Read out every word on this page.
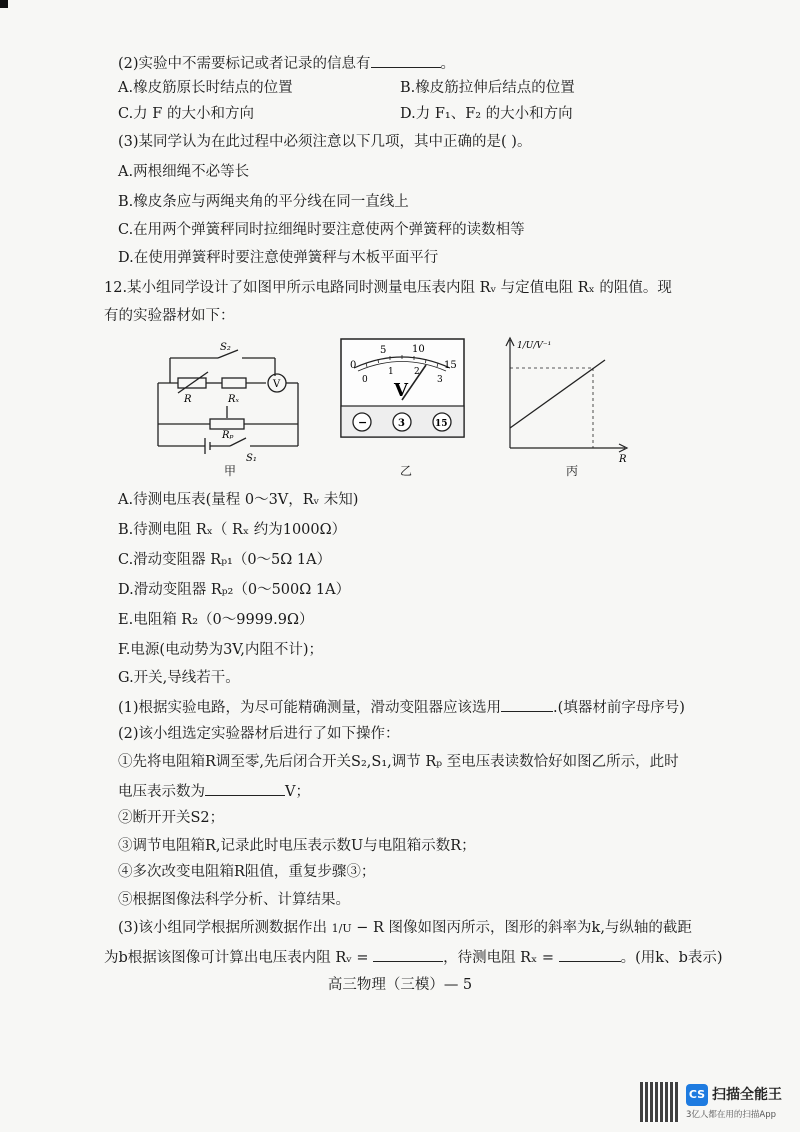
(2)实验中不需要标记或者记录的信息有	。
A.橡皮筋原长时结点的位置	B.橡皮筋拉伸后结点的位置
C.力 F 的大小和方向	D.力 F₁、F₂ 的大小和方向
(3)某同学认为在此过程中必须注意以下几项，其中正确的是( )。
A.两根细绳不必等长
B.橡皮条应与两绳夹角的平分线在同一直线上
C.在用两个弹簧秤同时拉细绳时要注意使两个弹簧秤的读数相等
D.在使用弹簧秤时要注意使弹簧秤与木板平面平行
12.某小组同学设计了如图甲所示电路同时测量电压表内阻 Rᵥ 与定值电阻 Rₓ 的阻值。现
有的实验器材如下：
S₂
R	Rₓ
V
Rₚ
S₁
甲
0
5	10
15
0
1 2
3
V
−	3	15
乙
1/U/V⁻¹
R
丙
A.待测电压表(量程 0～3V，Rᵥ 未知)
B.待测电阻 Rₓ（ Rₓ 约为1000Ω）
C.滑动变阻器 Rₚ₁（0～5Ω 1A）
D.滑动变阻器 Rₚ₂（0～500Ω 1A）
E.电阻箱 R₂（0～9999.9Ω）
F.电源(电动势为3V,内阻不计)；
G.开关,导线若干。
(1)根据实验电路，为尽可能精确测量，滑动变阻器应该选用	.(填器材前字母序号)
(2)该小组选定实验器材后进行了如下操作：
①先将电阻箱R调至零,先后闭合开关S₂,S₁,调节 Rₚ 至电压表读数恰好如图乙所示，此时
电压表示数为	V；
②断开开关S2；
③调节电阻箱R,记录此时电压表示数U与电阻箱示数R；
④多次改变电阻箱R阻值，重复步骤③；
⑤根据图像法科学分析、计算结果。
(3)该小组同学根据所测数据作出 1/U − R 图像如图丙所示，图形的斜率为k,与纵轴的截距
为b根据该图像可计算出电压表内阻 Rᵥ =	，待测电阻 Rₓ =	。(用k、b表示)
高三物理（三模）— 5
CS 扫描全能王
3亿人都在用的扫描App
